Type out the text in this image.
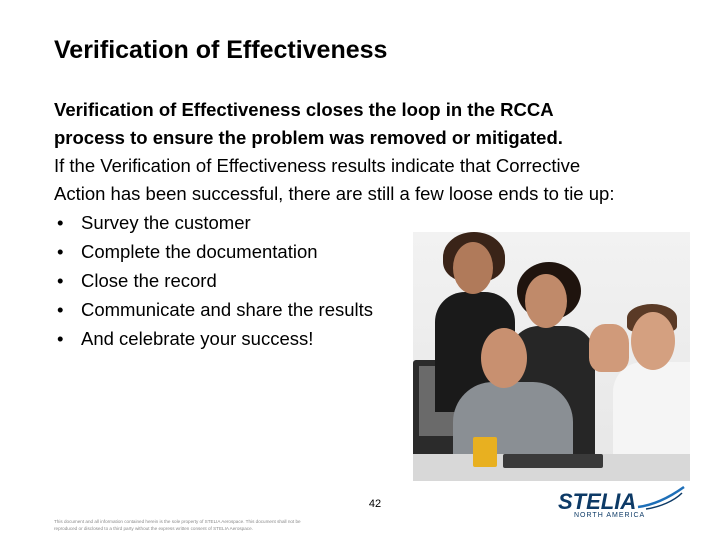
Verification of Effectiveness
Verification of Effectiveness closes the loop in the RCCA
process to ensure the problem was removed or mitigated.
If the Verification of Effectiveness results indicate that Corrective
Action has been successful, there are still a few loose ends to tie up:
• Survey the customer
• Complete the documentation
• Close the record
• Communicate and share the results
• And celebrate your success!
42
This document and all information contained herein is the sole property of STELIA Aerospace. This document shall not be
reproduced or disclosed to a third party without the express written consent of STELIA Aerospace.
STELIA
NORTH AMERICA
